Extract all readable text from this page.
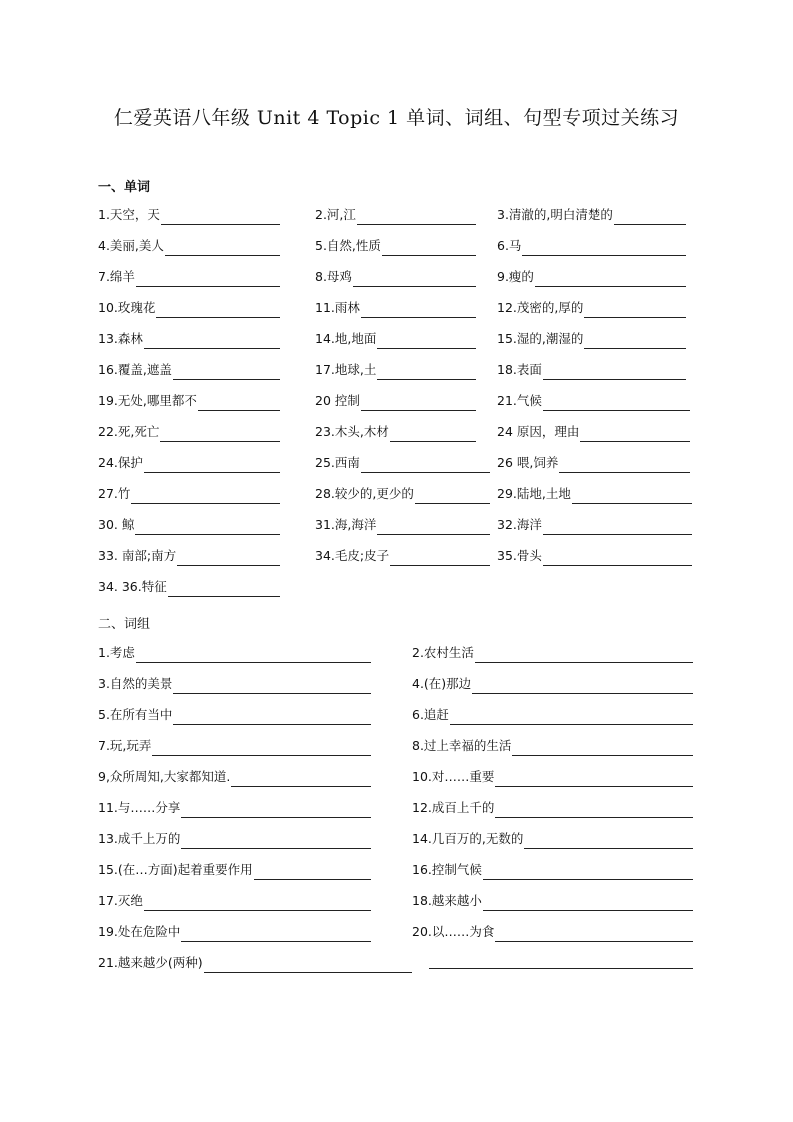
仁爱英语八年级 Unit 4 Topic 1 单词、词组、句型专项过关练习
一、单词
1.天空，天	2.河,江	3.清澈的,明白清楚的
4.美丽,美人	5.自然,性质	6.马
7.绵羊	8.母鸡	9.瘦的
10.玫瑰花	11.雨林	12.茂密的,厚的
13.森林	14.地,地面	15.湿的,潮湿的
16.覆盖,遮盖	17.地球,土	18.表面
19.无处,哪里都不	20 控制	21.气候
22.死,死亡	23.木头,木材	24 原因，理由
24.保护	25.西南	26 喂,饲养
27.竹	28.较少的,更少的	29.陆地,土地
30. 鲸	31.海,海洋	32.海洋
33. 南部;南方	34.毛皮;皮子	35.骨头
34. 36.特征
二、词组
1.考虑	2.农村生活
3.自然的美景	4.(在)那边
5.在所有当中	6.追赶
7.玩,玩弄	8.过上幸福的生活
9,众所周知,大家都知道.	10.对……重要
11.与……分享	12.成百上千的
13.成千上万的	14.几百万的,无数的
15.(在…方面)起着重要作用	16.控制气候
17.灭绝	18.越来越小
19.处在危险中	20.以……为食
21.越来越少(两种)
